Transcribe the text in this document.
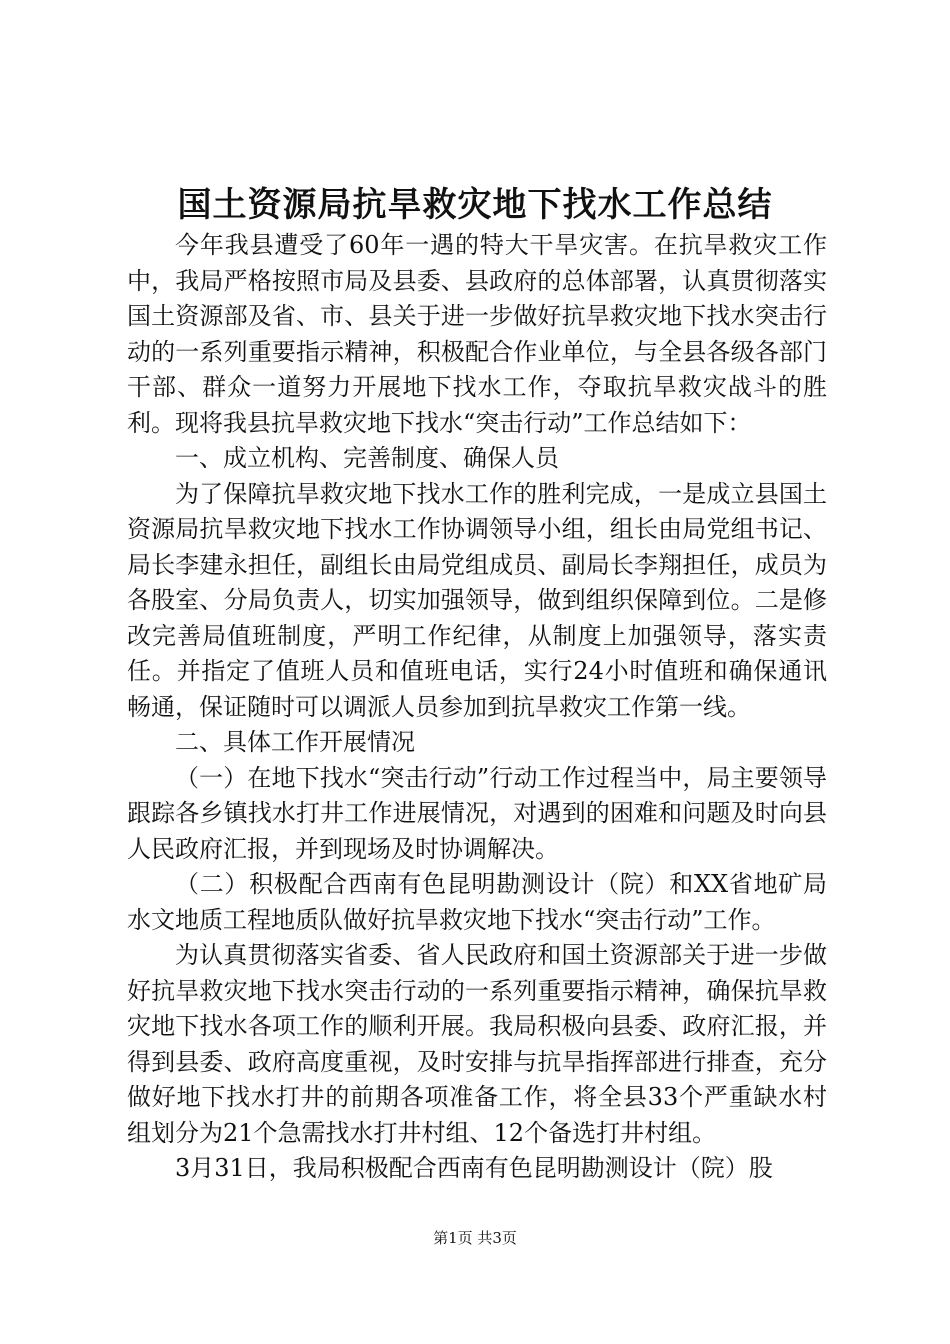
国土资源局抗旱救灾地下找水工作总结

今年我县遭受了60年一遇的特大干旱灾害。在抗旱救灾工作中，我局严格按照市局及县委、县政府的总体部署，认真贯彻落实国土资源部及省、市、县关于进一步做好抗旱救灾地下找水突击行动的一系列重要指示精神，积极配合作业单位，与全县各级各部门干部、群众一道努力开展地下找水工作，夺取抗旱救灾战斗的胜利。现将我县抗旱救灾地下找水“突击行动”工作总结如下：

一、成立机构、完善制度、确保人员

为了保障抗旱救灾地下找水工作的胜利完成，一是成立县国土资源局抗旱救灾地下找水工作协调领导小组，组长由局党组书记、局长李建永担任，副组长由局党组成员、副局长李翔担任，成员为各股室、分局负责人，切实加强领导，做到组织保障到位。二是修改完善局值班制度，严明工作纪律，从制度上加强领导，落实责任。并指定了值班人员和值班电话，实行24小时值班和确保通讯畅通，保证随时可以调派人员参加到抗旱救灾工作第一线。

二、具体工作开展情况

（一）在地下找水“突击行动”行动工作过程当中，局主要领导跟踪各乡镇找水打井工作进展情况，对遇到的困难和问题及时向县人民政府汇报，并到现场及时协调解决。

（二）积极配合西南有色昆明勘测设计（院）和XX省地矿局水文地质工程地质队做好抗旱救灾地下找水“突击行动”工作。

为认真贯彻落实省委、省人民政府和国土资源部关于进一步做好抗旱救灾地下找水突击行动的一系列重要指示精神，确保抗旱救灾地下找水各项工作的顺利开展。我局积极向县委、政府汇报，并得到县委、政府高度重视，及时安排与抗旱指挥部进行排查，充分做好地下找水打井的前期各项准备工作，将全县33个严重缺水村组划分为21个急需找水打井村组、12个备选打井村组。

3月31日，我局积极配合西南有色昆明勘测设计（院）股

第1页 共3页
